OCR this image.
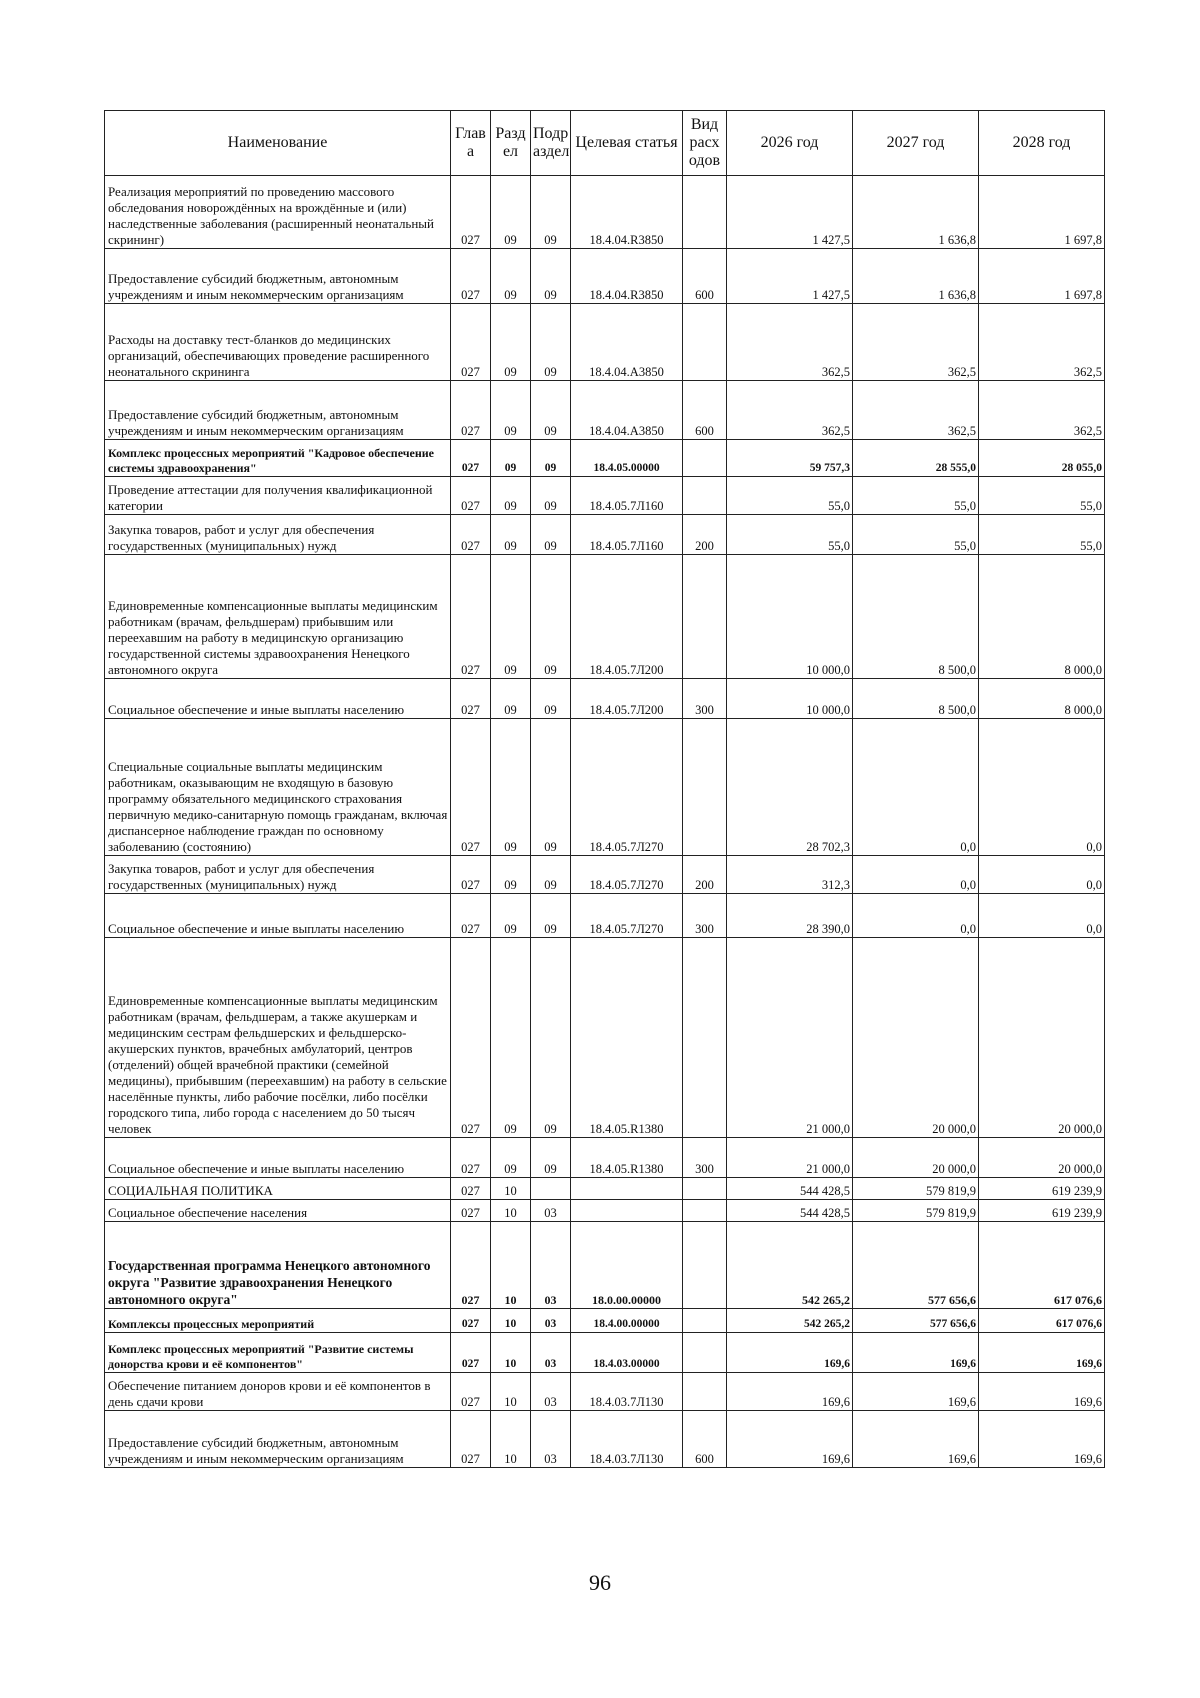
Наименование	Глав а	Разд ел	Подр аздел	Целевая статья	Вид расх одов	2026 год	2027 год	2028 год
Реализация мероприятий по проведению массового обследования новорождённых на врождённые и (или) наследственные заболевания (расширенный неонатальный скрининг)	027	09	09	18.4.04.R3850		1 427,5	1 636,8	1 697,8
Предоставление субсидий бюджетным, автономным учреждениям и иным некоммерческим организациям	027	09	09	18.4.04.R3850	600	1 427,5	1 636,8	1 697,8
Расходы на доставку тест-бланков до медицинских организаций, обеспечивающих проведение расширенного неонатального скрининга	027	09	09	18.4.04.А3850		362,5	362,5	362,5
Предоставление субсидий бюджетным, автономным учреждениям и иным некоммерческим организациям	027	09	09	18.4.04.А3850	600	362,5	362,5	362,5
Комплекс процессных мероприятий "Кадровое обеспечение системы здравоохранения"	027	09	09	18.4.05.00000		59 757,3	28 555,0	28 055,0
Проведение аттестации для получения квалификационной категории	027	09	09	18.4.05.7Л160		55,0	55,0	55,0
Закупка товаров, работ и услуг для обеспечения государственных (муниципальных) нужд	027	09	09	18.4.05.7Л160	200	55,0	55,0	55,0
Единовременные компенсационные выплаты медицинским работникам (врачам, фельдшерам) прибывшим или переехавшим на работу в медицинскую организацию государственной системы здравоохранения Ненецкого автономного округа	027	09	09	18.4.05.7Л200		10 000,0	8 500,0	8 000,0
Социальное обеспечение и иные выплаты населению	027	09	09	18.4.05.7Л200	300	10 000,0	8 500,0	8 000,0
Специальные социальные выплаты медицинским работникам, оказывающим не входящую в базовую программу обязательного медицинского страхования первичную медико-санитарную помощь гражданам, включая диспансерное наблюдение граждан по основному заболеванию (состоянию)	027	09	09	18.4.05.7Л270		28 702,3	0,0	0,0
Закупка товаров, работ и услуг для обеспечения государственных (муниципальных) нужд	027	09	09	18.4.05.7Л270	200	312,3	0,0	0,0
Социальное обеспечение и иные выплаты населению	027	09	09	18.4.05.7Л270	300	28 390,0	0,0	0,0
Единовременные компенсационные выплаты медицинским работникам (врачам, фельдшерам, а также акушеркам и медицинским сестрам фельдшерских и фельдшерско-акушерских пунктов, врачебных амбулаторий, центров (отделений) общей врачебной практики (семейной медицины), прибывшим (переехавшим) на работу в сельские населённые пункты, либо рабочие посёлки, либо посёлки городского типа, либо города с населением до 50 тысяч человек	027	09	09	18.4.05.R1380		21 000,0	20 000,0	20 000,0
Социальное обеспечение и иные выплаты населению	027	09	09	18.4.05.R1380	300	21 000,0	20 000,0	20 000,0
СОЦИАЛЬНАЯ ПОЛИТИКА	027	10				544 428,5	579 819,9	619 239,9
Социальное обеспечение населения	027	10	03			544 428,5	579 819,9	619 239,9
Государственная программа Ненецкого автономного округа "Развитие здравоохранения Ненецкого автономного округа"	027	10	03	18.0.00.00000		542 265,2	577 656,6	617 076,6
Комплексы процессных мероприятий	027	10	03	18.4.00.00000		542 265,2	577 656,6	617 076,6
Комплекс процессных мероприятий "Развитие системы донорства крови и её компонентов"	027	10	03	18.4.03.00000		169,6	169,6	169,6
Обеспечение питанием доноров крови и её компонентов в день сдачи крови	027	10	03	18.4.03.7Л130		169,6	169,6	169,6
Предоставление субсидий бюджетным, автономным учреждениям и иным некоммерческим организациям	027	10	03	18.4.03.7Л130	600	169,6	169,6	169,6
96
